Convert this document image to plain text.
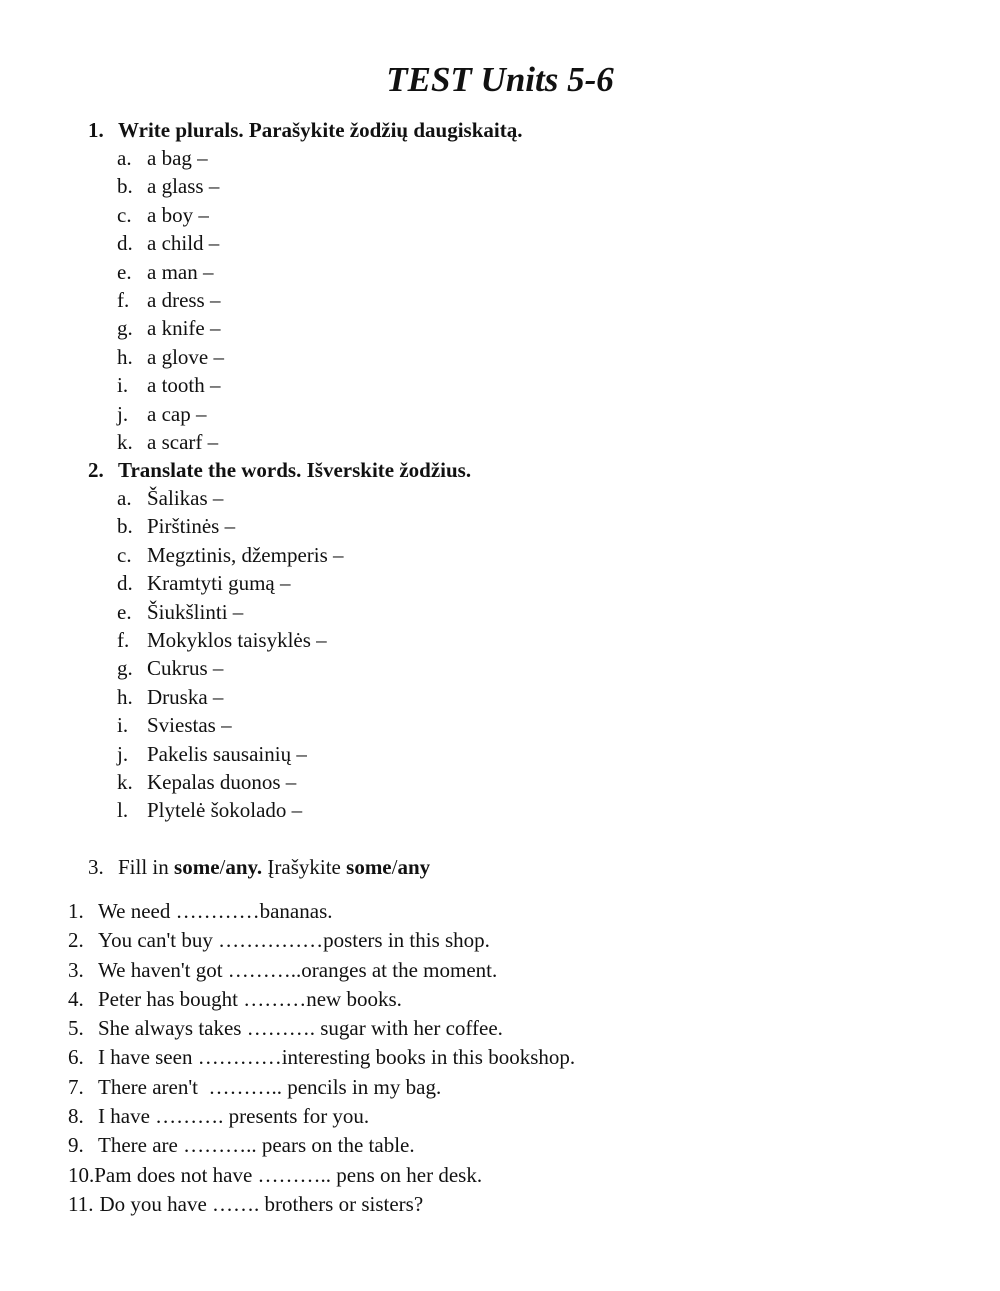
TEST Units 5-6
1. Write plurals. Parašykite žodžių daugiskaitą.
a. a bag –
b. a glass –
c. a boy –
d. a child –
e. a man –
f. a dress –
g. a knife –
h. a glove –
i. a tooth –
j. a cap –
k. a scarf –
2. Translate the words. Išverskite žodžius.
a. Šalikas –
b. Pirštinės –
c. Megztinis, džemperis –
d. Kramtyti gumą –
e. Šiukšlinti –
f. Mokyklos taisyklės –
g. Cukrus –
h. Druska –
i. Sviestas –
j. Pakelis sausainių –
k. Kepalas duonos –
l. Plytelė šokolado –
3. Fill in some/any. Įrašykite some/any
1. We need …………bananas.
2. You can't buy ……………posters in this shop.
3. We haven't got ………..oranges at the moment.
4. Peter has bought ………new books.
5. She always takes ………. sugar with her coffee.
6. I have seen …………interesting books in this bookshop.
7. There aren't  ……….. pencils in my bag.
8. I have ………. presents for you.
9. There are ……….. pears on the table.
10.Pam does not have ……….. pens on her desk.
11. Do you have ……. brothers or sisters?
